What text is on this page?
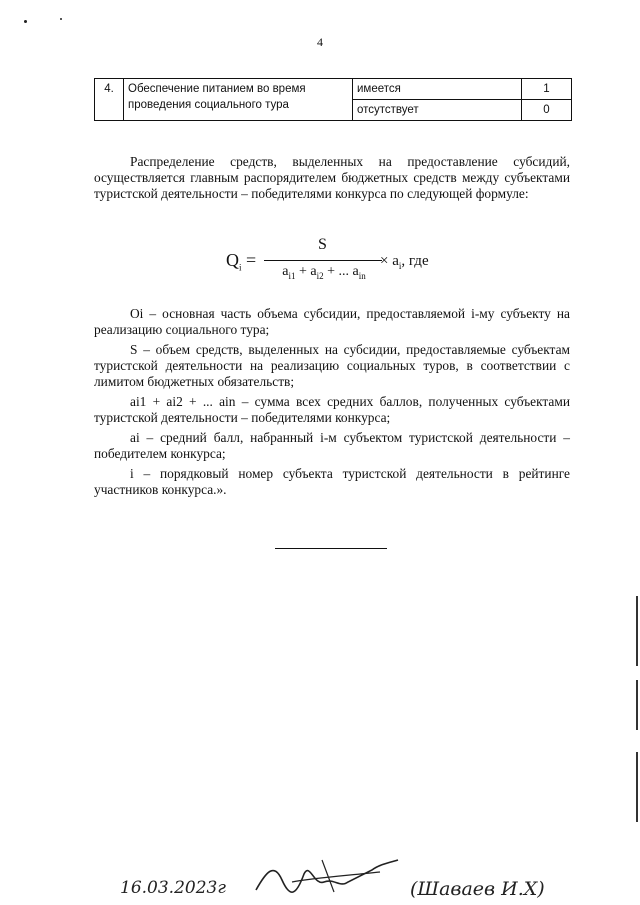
4
4.	Обеспечение питанием во время проведения социального тура	имеется	1
		отсутствует	0
Распределение средств, выделенных на предоставление субсидий, осуществляется главным распорядителем бюджетных средств между субъектами туристской деятельности – победителями конкурса по следующей формуле:
$Q_i$ =
S
$a_{i1} + a_{i2}$ + ... $a_{in}$
× $a_i$, где
Оi – основная часть объема субсидии, предоставляемой i-му субъекту на реализацию социального тура;
S – объем средств, выделенных на субсидии, предоставляемые субъектам туристской деятельности на реализацию социальных туров, в соответствии с лимитом бюджетных обязательств;
ai1 + ai2 + ... ain – сумма всех средних баллов, полученных субъектами туристской деятельности – победителями конкурса;
ai – средний балл, набранный i-м субъектом туристской деятельности – победителем конкурса;
i – порядковый номер субъекта туристской деятельности в рейтинге участников конкурса.».
16.03.2023г	(Шаваев И.Х)
